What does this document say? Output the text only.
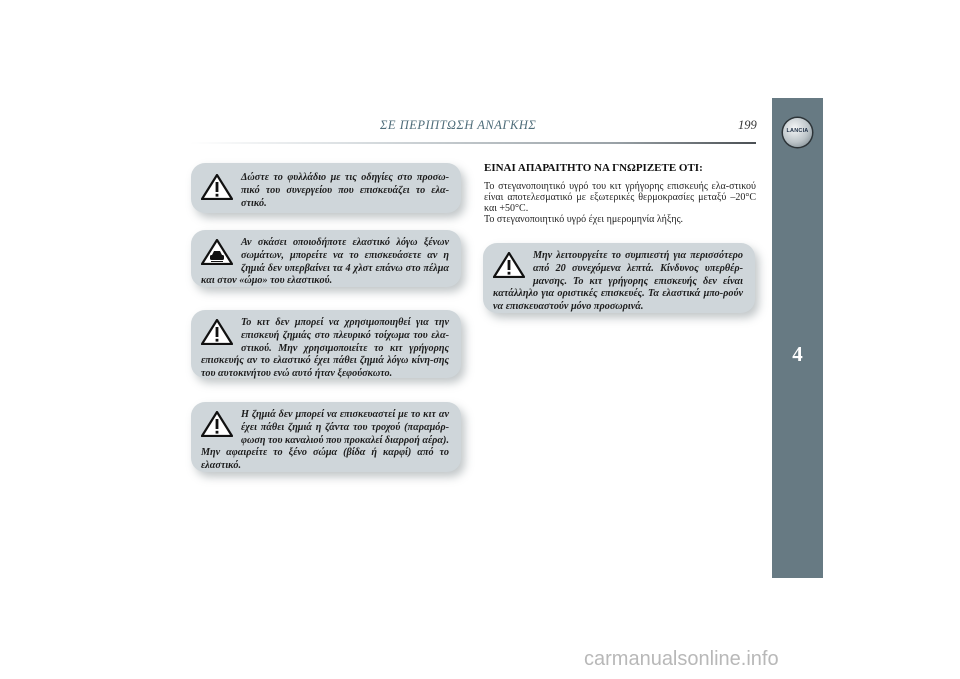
ΣΕ ΠΕΡΙΠΤΩΣΗ ΑΝΑΓΚΗΣ	199	LANCIA
4
Δώστε το φυλλάδιο με τις οδηγίες στο προσω-πικό του συνεργείου που επισκευάζει το ελα-στικό.
Αν σκάσει οποιοδήποτε ελαστικό λόγω ξένων σωμάτων, μπορείτε να το επισκευάσετε αν η ζημιά δεν υπερβαίνει τα 4 χλστ επάνω στο πέλμα και στον «ώμο» του ελαστικού.
Το κιτ δεν μπορεί να χρησιμοποιηθεί για την επισκευή ζημιάς στο πλευρικό τοίχωμα του ελα-στικού. Μην χρησιμοποιείτε το κιτ γρήγορης επισκευής αν το ελαστικό έχει πάθει ζημιά λόγω κίνη-σης του αυτοκινήτου ενώ αυτό ήταν ξεφούσκωτο.
Η ζημιά δεν μπορεί να επισκευαστεί με το κιτ αν έχει πάθει ζημιά η ζάντα του τροχού (παραμόρ-φωση του καναλιού που προκαλεί διαρροή αέρα). Μην αφαιρείτε το ξένο σώμα (βίδα ή καρφί) από το ελαστικό.
ΕΙΝΑΙ ΑΠΑΡΑΙΤΗΤΟ ΝΑ ΓΝΩΡΙΖΕΤΕ ΟΤΙ:

Το στεγανοποιητικό υγρό του κιτ γρήγορης επισκευής ελα-στικού είναι αποτελεσματικό με εξωτερικές θερμοκρασίες μεταξύ –20°C και +50°C.

Το στεγανοποιητικό υγρό έχει ημερομηνία λήξης.

Μην λειτουργείτε το συμπιεστή για περισσότερο από 20 συνεχόμενα λεπτά. Κίνδυνος υπερθέρ-μανσης. Το κιτ γρήγορης επισκευής δεν είναι κατάλληλο για οριστικές επισκευές. Τα ελαστικά μπο-ρούν να επισκευαστούν μόνο προσωρινά.
carmanualsonline.info
